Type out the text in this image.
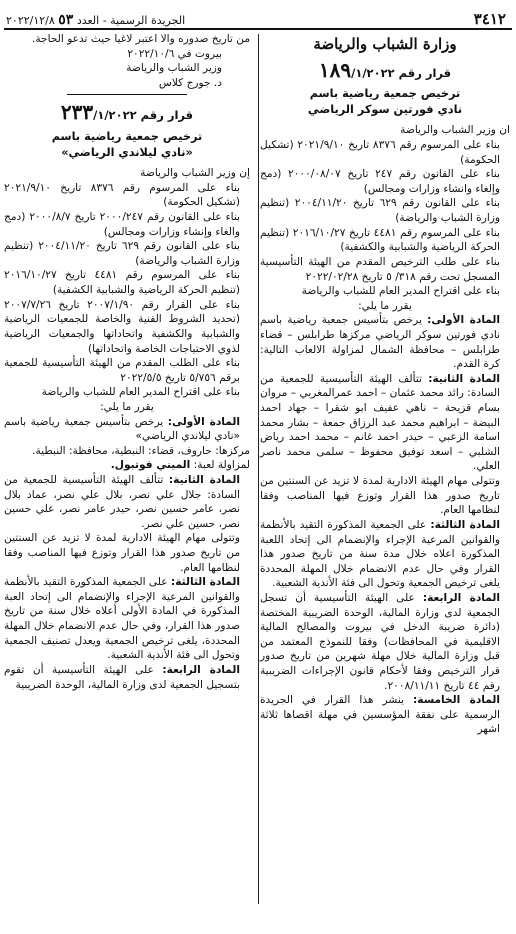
٣٤١٢
الجريدة الرسمية - العدد ٥٣ ٢٠٢٢/١٢/٨

وزارة الشباب والرياضة

قرار رقم ١٨٩/١/٢٠٢٢

ترخيص جمعية رياضية باسم

نادي فورتين سوكر الرياضي

ان وزير الشباب والرياضة

بناء على المرسوم رقم ٨٣٧٦ تاريخ ٢٠٢١/٩/١٠ (تشكيل الحكومة)

بناء على القانون رقم ٢٤٧ تاريخ ٢٠٠٠/٠٨/٠٧ (دمج وإلغاء وانشاء وزارات ومجالس)

بناء على القانون رقم ٦٢٩ تاريخ ٢٠٠٤/١١/٢٠ (تنظيم وزارة الشباب والرياضة)

بناء على المرسوم رقم ٤٤٨١ تاريخ ٢٠١٦/١٠/٢٧ (تنظيم الحركة الرياضية والشبابية والكشفية)

بناء على طلب الترخيص المقدم من الهيئة التأسيسية المسجل تحت رقم ٣١٨/ ٥ تاريخ ٢٠٢٢/٠٢/٢٨

بناء على اقتراح المدير العام للشباب والرياضة

يقرر ما يلي:

المادة الأولى: يرخص بتأسيس جمعية رياضية باسم نادي فورتين سوكر الرياضي مركزها طرابلس – قضاء طرابلس – محافظة الشمال لمزاولة الالعاب التالية: كرة القدم.

المادة الثانية: تتألف الهيئة التأسيسية للجمعية من السادة: رائد محمد عثمان – احمد عمرالمغربي – مروان بسام قزيحة – ناهي عفيف ابو شقرا – جهاد احمد البيضة – ابراهيم محمد عبد الرزاق جمعة – بشار محمد اسامة الزعبي – حيدر احمد غانم – محمد احمد رياض الشلبي – اسعد توفيق محفوظ – سلمى محمد ناصر العلي.

وتتولى مهام الهيئة الادارية لمدة لا تزيد عن السنتين من تاريخ صدور هذا القرار وتوزع فيها المناصب وفقا لنظامها العام.

المادة الثالثة: على الجمعية المذكورة التقيد بالأنظمة والقوانين المرعية الإجراء والإنضمام الى إتحاد اللعبة المذكورة اعلاه خلال مدة سنة من تاريخ صدور هذا القرار وفي حال عدم الانضمام خلال المهلة المحددة يلغى ترخيص الجمعية وتحول الى فئة الأندية الشعبية.

المادة الرابعة: على الهيئة التأسيسية أن تسجل الجمعية لدى وزارة المالية، الوحدة الضريبية المختصة (دائرة ضريبة الدخل في بيروت والمصالح المالية الاقليمية في المحافظات) وفقا للنموذج المعتمد من قبل وزارة المالية خلال مهلة شهرين من تاريخ صدور قرار الترخيص وفقا لأحكام قانون الإجراءات الضريبية رقم ٤٤ تاريخ ٢٠٠٨/١١/١١.

المادة الخامسة: ينشر هذا القرار في الجريدة الرسمية على نفقة المؤسسين في مهلة اقصاها ثلاثة اشهر

من تاريخ صدوره والا اعتبر لاغيا حيث تدعو الحاجة.

بيروت في ٢٠٢٢/١٠/٦

وزير الشباب والرياضة

د. جورج كلاس

قرار رقم ٢٣٣/١/٢٠٢٢

ترخيص جمعية رياضية باسم

«نادي ليلاندي الرياضي»

إن وزير الشباب والرياضة

بناء على المرسوم رقم ٨٣٧٦ تاريخ ٢٠٢١/٩/١٠ (تشكيل الحكومة)

بناء على القانون رقم ٢٠٠٠/٢٤٧ تاريخ ٢٠٠٠/٨/٧ (دمج والغاء وإنشاء وزارات ومجالس)

بناء على القانون رقم ٦٢٩ تاريخ ٢٠٠٤/١١/٢٠ (تنظيم وزارة الشباب والرياضة)

بناء على المرسوم رقم ٤٤٨١ تاريخ ٢٠١٦/١٠/٢٧ (تنظيم الحركة الرياضية والشبابية الكشفية)

بناء على القرار رقم ٢٠٠٧/١/٩٠ تاريخ ٢٠٠٧/٧/٢٦ (تحديد الشروط الفنية والخاصة للجمعيات الرياضية والشبابية والكشفية واتحاداتها والجمعيات الرياضية لذوي الاحتياجات الخاصة واتحاداتها)

بناء على الطلب المقدم من الهيئة التأسيسية للجمعية برقم ٥/٧٥٦ تاريخ ٢٠٢٢/٥/٥

بناء على اقتراح المدير العام للشباب والرياضة

يقرر ما يلي:

المادة الأولى: يرخص بتأسيس جمعية رياضية باسم «نادي ليلاندي الرياضي»

مركزها: حاروف، قضاء: النبطية، محافظة: النبطية.

لمزاولة لعبة: الميني فوتبول.

المادة الثانية: تتألف الهيئة التأسيسية للجمعية من السادة: جلال علي نصر، بلال علي نصر، عماد بلال نصر، عامر حسين نصر، حيدر عامر نصر، علي حسين نصر، حسين علي نصر.

وتتولى مهام الهيئة الادارية لمدة لا تزيد عن السنتين من تاريخ صدور هذا القرار وتوزع فيها المناصب وفقا لنظامها العام.

المادة الثالثة: على الجمعية المذكورة التقيد بالأنظمة والقوانين المرعية الإجراء والإنضمام الى إتحاد العبة المذكورة في المادة الأولى أعلاه خلال سنة من تاريخ صدور هذا القرار، وفي حال عدم الانضمام خلال المهلة المحددة، يلغى ترخيص الجمعية ويعدل تصنيف الجمعية وتحول الى فئة الأندية الشعبية.

المادة الرابعة: على الهيئة التأسيسية أن تقوم بتسجيل الجمعية لدى وزارة المالية، الوحدة الضريبية
